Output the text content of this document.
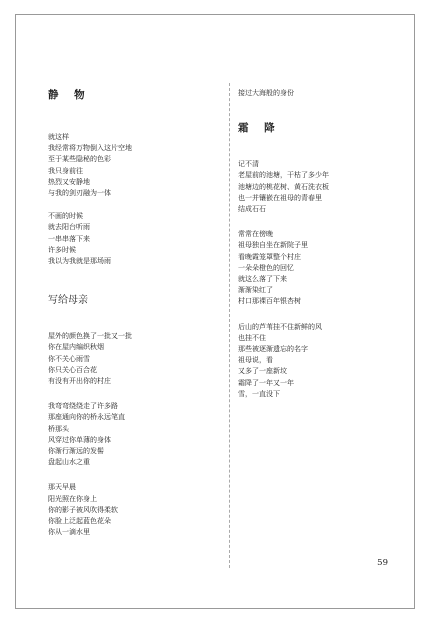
静 物

就这样

我经常将万物倒入这片空地

至于某些隐秘的色彩

我只身前往

热烈又安静地

与我的剑刃融为一体

不画的时候

就去阳台听雨

一串串落下来

许多时候

我以为我就是那场雨

写给母亲

屋外的颜色换了一批又一批

你在屋内编织秋烟

你不关心雨雪

你只关心百合花

有没有开出你的村庄

我弯弯绕绕走了许多路

那座通向你的桥永远笔直

桥那头

风穿过你单薄的身体

你渐行渐远的发髻

盘起山水之重

那天早晨

阳光照在你身上

你的影子被风吹得柔软

你脸上泛起蓝色花朵

你从一滴水里

接过大海般的身份

霜 降

记不清

老屋前的池塘，干枯了多少年

池塘边的桃花树、黄石洗衣板

也一并镶嵌在祖母的青春里

结成石石

常常在傍晚

祖母独自坐在新院子里

看晚霞笼罩整个村庄

一朵朵橙色的回忆

就这么落了下来

渐渐染红了

村口那裸百年银杏树

后山的芦苇挂不住新鲜的风

也挂不住

那些被逐渐遗忘的名字

祖母说，看

又多了一座新坟

霜降了一年又一年

雪，一直没下

59
